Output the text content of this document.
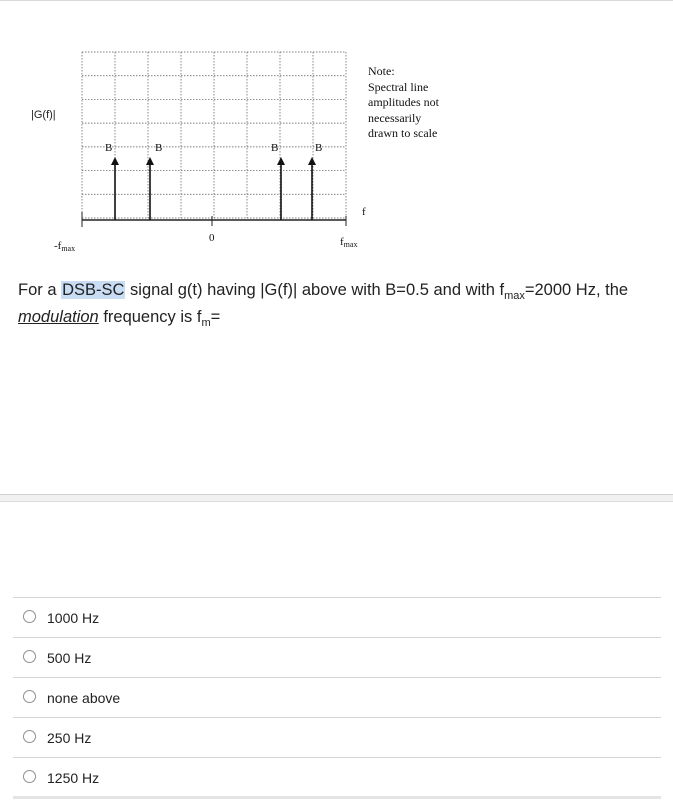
|G(f)|
B	B	B	B
-fmax
0	fmax
f
Note:
Spectral line
amplitudes not
necessarily
drawn to scale
For a DSB-SC signal g(t) having |G(f)| above with B=0.5 and with $f_{max}=2000$ Hz, the modulation frequency is $f_m=$
1000 Hz
500 Hz
none above
250 Hz
1250 Hz
